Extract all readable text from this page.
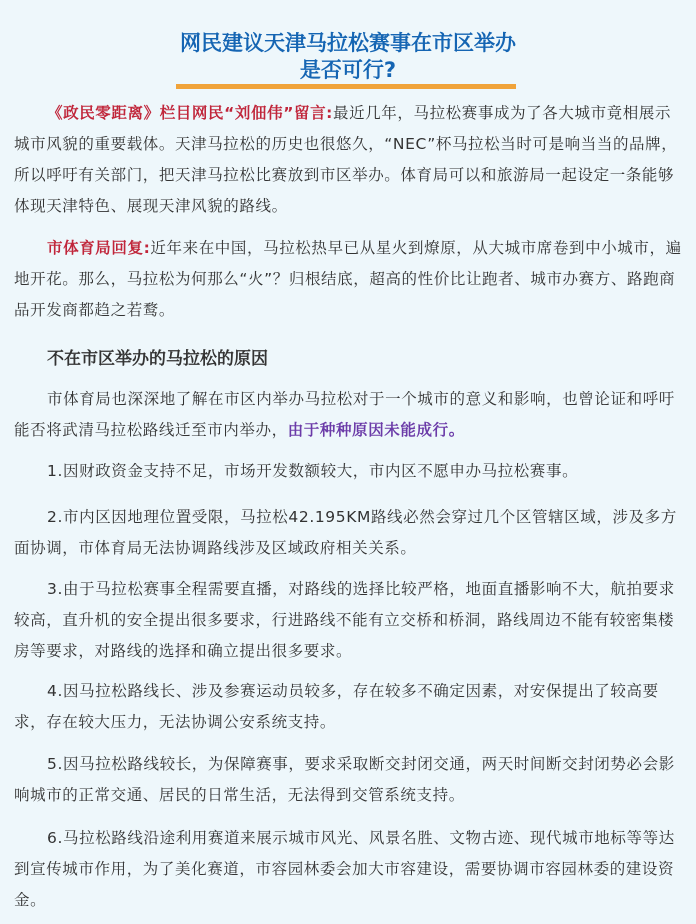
网民建议天津马拉松赛事在市区举办
是否可行?
《政民零距离》栏目网民“刘佃伟”留言:最近几年，马拉松赛事成为了各大城市竟相展示城市风貌的重要载体。天津马拉松的历史也很悠久，“NEC”杯马拉松当时可是响当当的品牌，所以呼吁有关部门，把天津马拉松比赛放到市区举办。体育局可以和旅游局一起设定一条能够体现天津特色、展现天津风貌的路线。
市体育局回复:近年来在中国，马拉松热早已从星火到燎原，从大城市席卷到中小城市，遍地开花。那么，马拉松为何那么“火”？归根结底，超高的性价比让跑者、城市办赛方、路跑商品开发商都趋之若鹜。
不在市区举办的马拉松的原因
市体育局也深深地了解在市区内举办马拉松对于一个城市的意义和影响，也曾论证和呼吁能否将武清马拉松路线迁至市内举办，由于种种原因未能成行。
1.因财政资金支持不足，市场开发数额较大，市内区不愿申办马拉松赛事。
2.市内区因地理位置受限，马拉松42.195KM路线必然会穿过几个区管辖区域，涉及多方面协调，市体育局无法协调路线涉及区域政府相关关系。
3.由于马拉松赛事全程需要直播，对路线的选择比较严格，地面直播影响不大，航拍要求较高，直升机的安全提出很多要求，行进路线不能有立交桥和桥洞，路线周边不能有较密集楼房等要求，对路线的选择和确立提出很多要求。
4.因马拉松路线长、涉及参赛运动员较多，存在较多不确定因素，对安保提出了较高要求，存在较大压力，无法协调公安系统支持。
5.因马拉松路线较长，为保障赛事，要求采取断交封闭交通，两天时间断交封闭势必会影响城市的正常交通、居民的日常生活，无法得到交管系统支持。
6.马拉松路线沿途利用赛道来展示城市风光、风景名胜、文物古迹、现代城市地标等等达到宣传城市作用，为了美化赛道，市容园林委会加大市容建设，需要协调市容园林委的建设资金。
